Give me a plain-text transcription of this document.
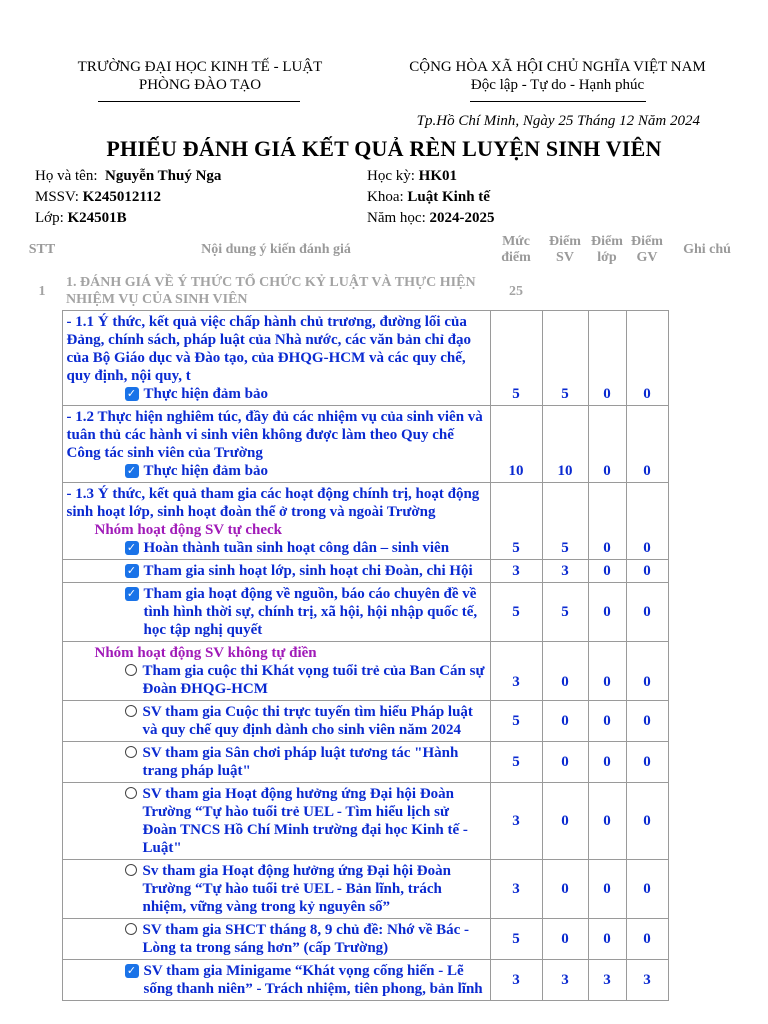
TRƯỜNG ĐẠI HỌC KINH TẾ - LUẬT
PHÒNG ĐÀO TẠO
CỘNG HÒA XÃ HỘI CHỦ NGHĨA VIỆT NAM
Độc lập - Tự do - Hạnh phúc
Tp.Hồ Chí Minh, Ngày 25 Tháng 12 Năm 2024
PHIẾU ĐÁNH GIÁ KẾT QUẢ RÈN LUYỆN SINH VIÊN
Họ và tên: Nguyễn Thuý Nga
MSSV: K245012112
Lớp: K24501B
Học kỳ: HK01
Khoa: Luật Kinh tế
Năm học: 2024-2025
STT	Nội dung ý kiến đánh giá	Mức điểm	Điểm SV	Điểm lớp	Điểm GV	Ghi chú
1	1. ĐÁNH GIÁ VỀ Ý THỨC TỔ CHỨC KỶ LUẬT VÀ THỰC HIỆN NHIỆM VỤ CỦA SINH VIÊN	25				

	- 1.1 Ý thức, kết quả việc chấp hành chủ trương, đường lối của Đảng, chính sách, pháp luật của Nhà nước, các văn bản chỉ đạo của Bộ Giáo dục và Đào tạo, của ĐHQG-HCM và các quy chế, quy định, nội quy, t
✓ Thực hiện đảm bảo	5	5	0	0	

	- 1.2 Thực hiện nghiêm túc, đầy đủ các nhiệm vụ của sinh viên và tuân thủ các hành vi sinh viên không được làm theo Quy chế Công tác sinh viên của Trường
✓ Thực hiện đảm bảo	10	10	0	0	

	- 1.3 Ý thức, kết quả tham gia các hoạt động chính trị, hoạt động sinh hoạt lớp, sinh hoạt đoàn thể ở trong và ngoài Trường
Nhóm hoạt động SV tự check
✓ Hoàn thành tuần sinh hoạt công dân – sinh viên	5	5	0	0	

	✓ Tham gia sinh hoạt lớp, sinh hoạt chi Đoàn, chi Hội	3	3	0	0	

	✓ Tham gia hoạt động về nguồn, báo cáo chuyên đề về tình hình thời sự, chính trị, xã hội, hội nhập quốc tế, học tập nghị quyết	5	5	0	0	

	Nhóm hoạt động SV không tự điền
Tham gia cuộc thi Khát vọng tuổi trẻ của Ban Cán sự Đoàn ĐHQG-HCM	3	0	0	0	

	SV tham gia Cuộc thi trực tuyến tìm hiểu Pháp luật và quy chế quy định dành cho sinh viên năm 2024	5	0	0	0	

	SV tham gia Sân chơi pháp luật tương tác "Hành trang pháp luật"	5	0	0	0	

	SV tham gia Hoạt động hưởng ứng Đại hội Đoàn Trường “Tự hào tuổi trẻ UEL - Tìm hiểu lịch sử Đoàn TNCS Hồ Chí Minh trường đại học Kinh tế - Luật"	3	0	0	0	

	Sv tham gia Hoạt động hưởng ứng Đại hội Đoàn Trường “Tự hào tuổi trẻ UEL - Bản lĩnh, trách nhiệm, vững vàng trong kỷ nguyên số”	3	0	0	0	

	SV tham gia SHCT tháng 8, 9 chủ đề: Nhớ về Bác - Lòng ta trong sáng hơn” (cấp Trường)	5	0	0	0	

	✓ SV tham gia Minigame “Khát vọng cống hiến - Lẽ sống thanh niên” - Trách nhiệm, tiên phong, bản lĩnh	3	3	3	3	
